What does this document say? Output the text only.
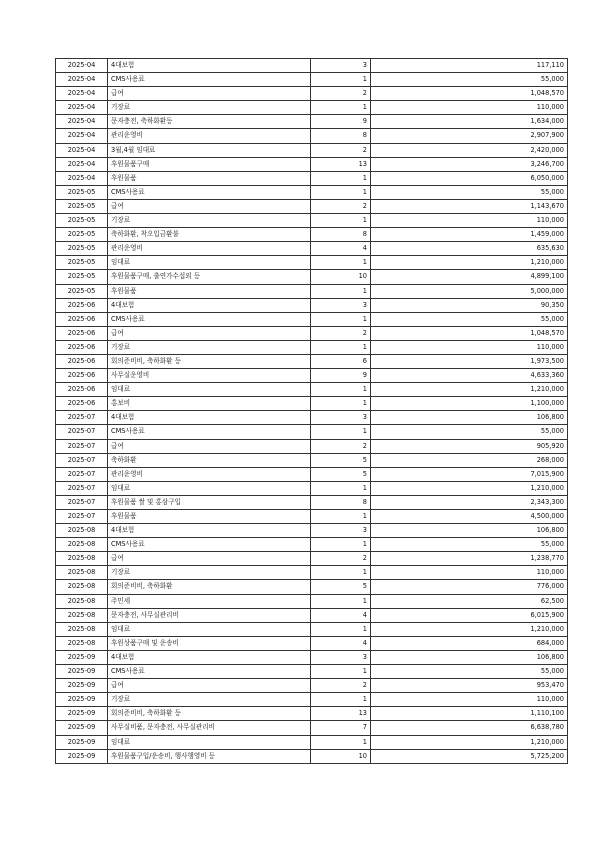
2025-04	4대보험	3	117,110
2025-04	CMS사용료	1	55,000
2025-04	급여	2	1,048,570
2025-04	기장료	1	110,000
2025-04	문자충전, 축하화환등	9	1,634,000
2025-04	관리운영비	8	2,907,900
2025-04	3월,4월 임대료	2	2,420,000
2025-04	후원물품구매	13	3,246,700
2025-04	후원물품	1	6,050,000
2025-05	CMS사용료	1	55,000
2025-05	급여	2	1,143,670
2025-05	기장료	1	110,000
2025-05	축하화환, 착오입금환불	8	1,459,000
2025-05	관리운영비	4	635,630
2025-05	임대료	1	1,210,000
2025-05	후원물품구매, 출연가수섭외 등	10	4,899,100
2025-05	후원물품	1	5,000,000
2025-06	4대보험	3	90,350
2025-06	CMS사용료	1	55,000
2025-06	급여	2	1,048,570
2025-06	기장료	1	110,000
2025-06	회의준비비, 축하화환 등	6	1,973,500
2025-06	사무실운영비	9	4,633,360
2025-06	임대료	1	1,210,000
2025-06	홍보비	1	1,100,000
2025-07	4대보험	3	106,800
2025-07	CMS사용료	1	55,000
2025-07	급여	2	905,920
2025-07	축하화환	5	268,000
2025-07	관리운영비	5	7,015,900
2025-07	임대료	1	1,210,000
2025-07	후원물품 쌀 및 홍삼구입	8	2,343,300
2025-07	후원물품	1	4,500,000
2025-08	4대보험	3	106,800
2025-08	CMS사용료	1	55,000
2025-08	급여	2	1,238,770
2025-08	기장료	1	110,000
2025-08	회의준비비, 축하화환	5	776,000
2025-08	주민세	1	62,500
2025-08	문자충전, 사무실관리비	4	6,015,900
2025-08	임대료	1	1,210,000
2025-08	후원상품구매 및 운송비	4	684,000
2025-09	4대보험	3	106,800
2025-09	CMS사용료	1	55,000
2025-09	급여	2	953,470
2025-09	기장료	1	110,000
2025-09	회의준비비, 축하화환 등	13	1,110,100
2025-09	사무실비품, 문자충전, 사무실관리비	7	6,638,780
2025-09	임대료	1	1,210,000
2025-09	후원물품구입/운송비, 행사행영비 등	10	5,725,200
